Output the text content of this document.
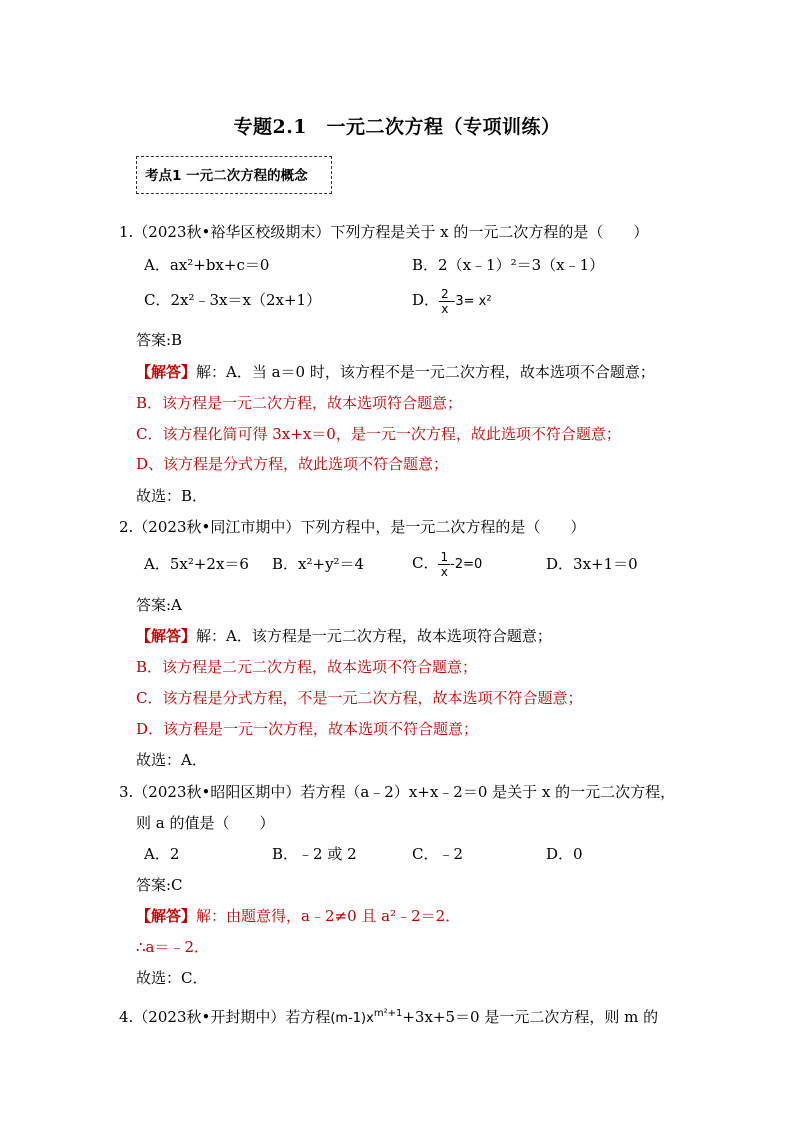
专题2.1　一元二次方程（专项训练）
考点1 一元二次方程的概念
1.（2023秋•裕华区校级期末）下列方程是关于 x 的一元二次方程的是（　　）
A．ax²+bx+c＝0	B．2（x﹣1）²＝3（x﹣1）
C．2x²﹣3x＝x（2x+1）	D． $\frac{2}{x} -3= x^2$
答案:B
【解答】解：A．当 a＝0 时，该方程不是一元二次方程，故本选项不合题意；
B．该方程是一元二次方程，故本选项符合题意；
C．该方程化简可得 3x+x＝0，是一元一次方程，故此选项不符合题意；
D、该方程是分式方程，故此选项不符合题意；
故选：B．
2.（2023秋•同江市期中）下列方程中，是一元二次方程的是（　　）
A．5x²+2x＝6 B．x²+y²＝4	C． $\frac{1}{x} -2=0$	D．3x+1＝0
答案:A
【解答】解：A．该方程是一元二次方程，故本选项符合题意；
B．该方程是二元二次方程，故本选项不符合题意；
C．该方程是分式方程，不是一元二次方程，故本选项不符合题意；
D．该方程是一元一次方程，故本选项不符合题意；
故选：A．
3.（2023秋•昭阳区期中）若方程（a﹣2）x+x﹣2＝0 是关于 x 的一元二次方程，
则 a 的值是（　　）
A．2	B．﹣2 或 2	C．﹣2	D．0
答案:C
【解答】解：由题意得，a﹣2≠0 且 a²﹣2＝2．
∴a＝﹣2．
故选：C．
4.（2023秋•开封期中）若方程$(m-1)x^{m^2+1}+3x+5=0$ 是一元二次方程，则 m 的
